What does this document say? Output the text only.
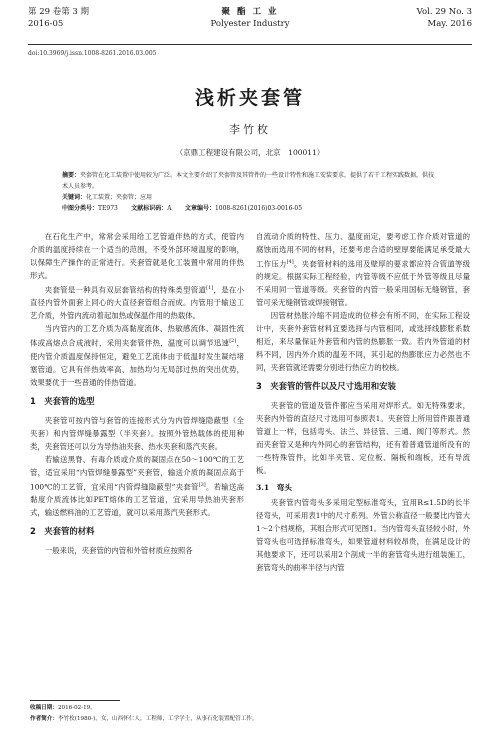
第 29 卷第 3 期
2016-05
聚 酯 工 业
Polyester Industry
Vol. 29 No. 3
May. 2016
doi:10.3969/j.issn.1008-8261.2016.03.005
浅析夹套管
李竹枚
（京鼎工程建设有限公司，北京　100011）
摘要：夹套管在化工装置中使用较为广泛。本文主要介绍了夹套管及其管件的一些设计特性和施工安装要求，提供了若干工程实践数据，供技术人员参考。
关键词：化工装置；夹套管；应用
中图分类号：TE973 文献标识码：A 文章编号：1008-8261(2016)03-0016-05

在石化生产中，常常会采用给工艺管道伴热的方式，使管内介质的温度持续在一个适当的范围，不受外部环境温度的影响，以保障生产操作的正常进行。夹套管就是化工装置中常用的伴热形式。

夹套管是一种具有双层套管结构的特殊类型管道[1]，是在小直径内管外面套上同心的大直径套管组合而成。内管用于输送工艺介质，外管内流动着起加热或保温作用的热载体。

当内管内的工艺介质为高黏度流体、热敏感流体、凝固性流体或高熔点合成液时，采用夹套管伴热，温度可以调节迅速[2]，使内管介质温度保持恒定，避免工艺流体由于低温时发生凝结堵塞管道。它具有伴热效率高、加热均匀无局部过热的突出优势，效果要优于一些普通的伴热管道。

1　夹套管的选型

夹套管可按内管与套管的连接形式分为内管焊缝隐蔽型（全夹套）和内管焊缝暴露型（半夹套）。按照外管热载体的使用种类，夹套管还可以分为导热油夹套、热水夹套和蒸汽夹套。

若输送黑脊、有毒介质或介质的凝固点在50～100℃的工艺管，适宜采用“内管焊缝暴露型”夹套管，输送介质的凝固点高于100℃的工艺管，宜采用“内管焊缝隐蔽型”夹套管[3]。若输送高黏度介质流体比如PET熔体的工艺管道，宜采用导热油夹套形式，输送燃料油的工艺管道，就可以采用蒸汽夹套形式。

2　夹套管的材料

一般来说，夹套管的内管和外管材质应按照各

自流动介质的特性、压力、温度而定，要考虑工作介质对管道的腐蚀而选用不同的材料，还要考虑合适的壁厚要能满足承受最大工作压力[4]。夹套管材料的选用及壁厚的要求都应符合管道等级的规定。根据实际工程经验，内管等级不应低于外管等级且尽量不采用同一管道等级。夹套管的内管一般采用国标无缝钢管，套管可采无缝钢管或焊接钢管。

因管材热胀冷缩不同造成的位移会有所不同，在实际工程设计中，夹套外套管材料宜要选择与内管相同，或选择线膨胀系数相近，来尽量保证外套管和内管的热膨胀一致。若内外管道的材料不同，因内外介质的温差不同，其引起的热膨胀应力必然也不同，夹套管就还需要分别进行热应力的校核。

3　夹套管的管件以及尺寸选用和安装

夹套管的管道及管件都应当采用对焊形式。如无特殊要求，夹套内外管的直径尺寸选用可参照表1。夹套管上所用管件跟普通管道上一样，包括弯头、法兰、异径管、三通、阀门等形式。然而夹套管又是种内外同心的套管结构，还有着普通管道所没有的一些特殊管件，比如半夹管、定位板、隔板和端板，还有导流板。

3.1　弯头

夹套管内管弯头多采用定型标准弯头，宜用R≤1.5D的长半径弯头，可采用表1中的尺寸系列。外管公称直径一般要比内管大1～2个档规格，其组合形式可见图1。当内管弯头直径较小时，外管弯头也可选择标准弯头，如果管道材料较昂贵，在满足设计的其他要求下，还可以采用2个剖成一半的套管弯头进行组装施工，套管弯头的曲率半径与内管

收稿日期：2016-02-19。
作者简介：李竹枚(1980-)，女，山西怀仁人，工程师，工学学士，从事石化装置配管工作。
